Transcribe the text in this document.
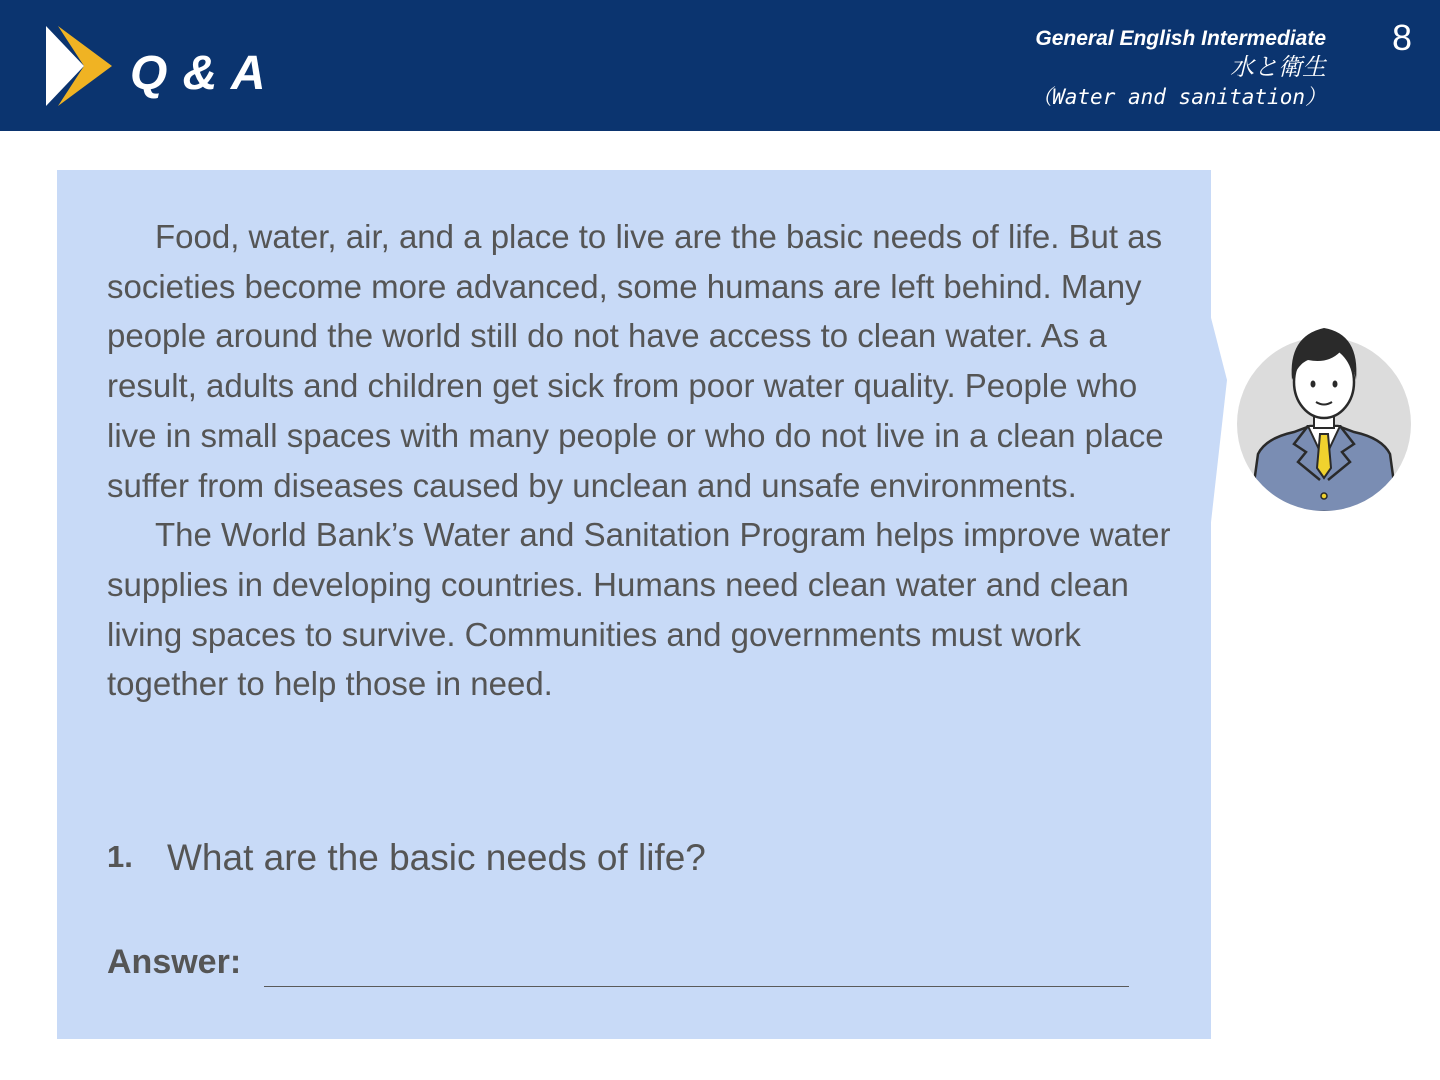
Q & A
General English Intermediate
水と衛生
（Water and sanitation）
8

Food, water, air, and a place to live are the basic needs of life. But as societies become more advanced, some humans are left behind. Many people around the world still do not have access to clean water. As a result, adults and children get sick from poor water quality. People who live in small spaces with many people or who do not live in a clean place suffer from diseases caused by unclean and unsafe environments.

The World Bank’s Water and Sanitation Program helps improve water supplies in developing countries. Humans need clean water and clean living spaces to survive. Communities and governments must work together to help those in need.

1. What are the basic needs of life?
Answer:
